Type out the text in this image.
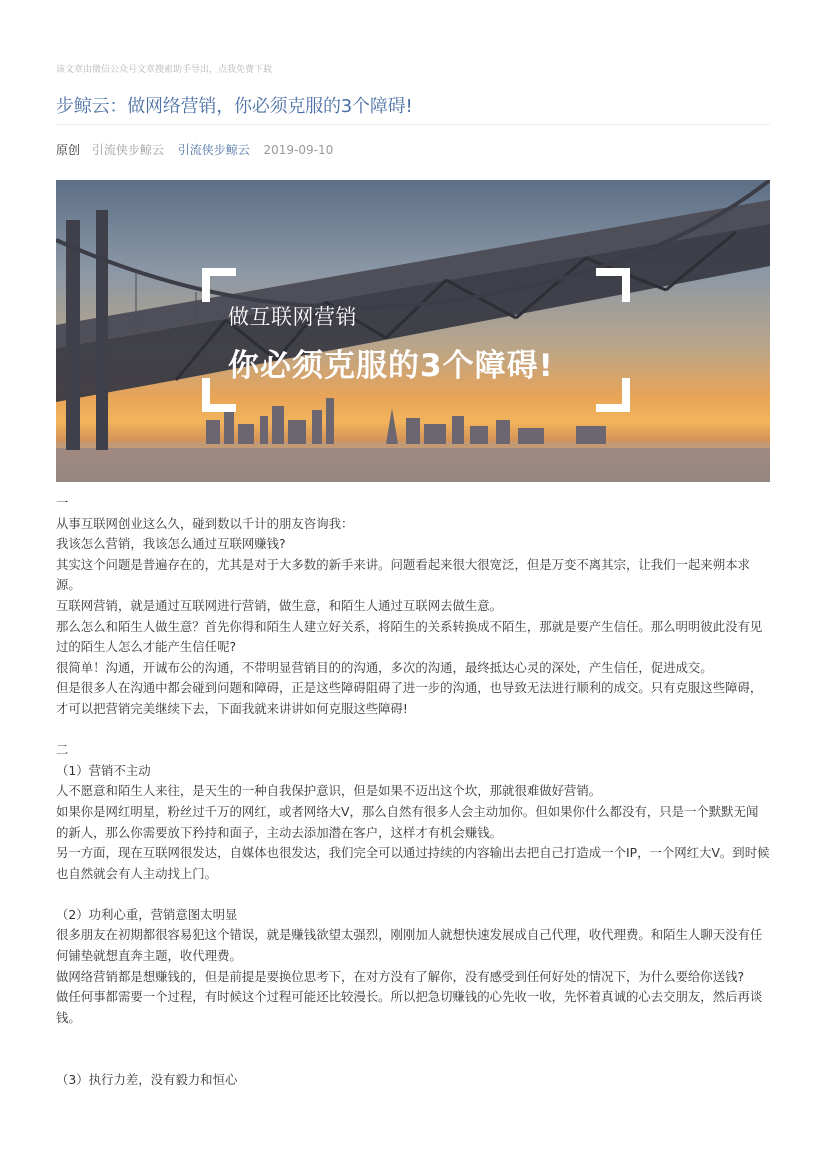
该文章由微信公众号文章搜索助手导出，点我免费下载
步鲸云：做网络营销，你必须克服的3个障碍!
原创 引流侠步鲸云 引流侠步鲸云 2019-09-10
做互联网营销
你必须克服的3个障碍!

一

从事互联网创业这么久，碰到数以千计的朋友咨询我：

我该怎么营销，我该怎么通过互联网赚钱?

其实这个问题是普遍存在的，尤其是对于大多数的新手来讲。问题看起来很大很宽泛，但是万变不离其宗，让我们一起来朔本求源。

互联网营销，就是通过互联网进行营销，做生意，和陌生人通过互联网去做生意。

那么怎么和陌生人做生意？首先你得和陌生人建立好关系，将陌生的关系转换成不陌生，那就是要产生信任。那么明明彼此没有见过的陌生人怎么才能产生信任呢?

很简单！沟通，开诚布公的沟通，不带明显营销目的的沟通，多次的沟通，最终抵达心灵的深处，产生信任，促进成交。

但是很多人在沟通中都会碰到问题和障碍，正是这些障碍阻碍了进一步的沟通，也导致无法进行顺利的成交。只有克服这些障碍，才可以把营销完美继续下去，下面我就来讲讲如何克服这些障碍!

二

（1）营销不主动

人不愿意和陌生人来往，是天生的一种自我保护意识，但是如果不迈出这个坎，那就很难做好营销。

如果你是网红明星，粉丝过千万的网红，或者网络大V，那么自然有很多人会主动加你。但如果你什么都没有，只是一个默默无闻的新人，那么你需要放下矜持和面子，主动去添加潜在客户，这样才有机会赚钱。

另一方面，现在互联网很发达，自媒体也很发达，我们完全可以通过持续的内容输出去把自己打造成一个IP，一个网红大V。到时候也自然就会有人主动找上门。

（2）功利心重，营销意图太明显

很多朋友在初期都很容易犯这个错误，就是赚钱欲望太强烈，刚刚加人就想快速发展成自己代理，收代理费。和陌生人聊天没有任何铺垫就想直奔主题，收代理费。

做网络营销都是想赚钱的，但是前提是要换位思考下，在对方没有了解你，没有感受到任何好处的情况下，为什么要给你送钱?

做任何事都需要一个过程，有时候这个过程可能还比较漫长。所以把急切赚钱的心先收一收，先怀着真诚的心去交朋友，然后再谈钱。

（3）执行力差，没有毅力和恒心
